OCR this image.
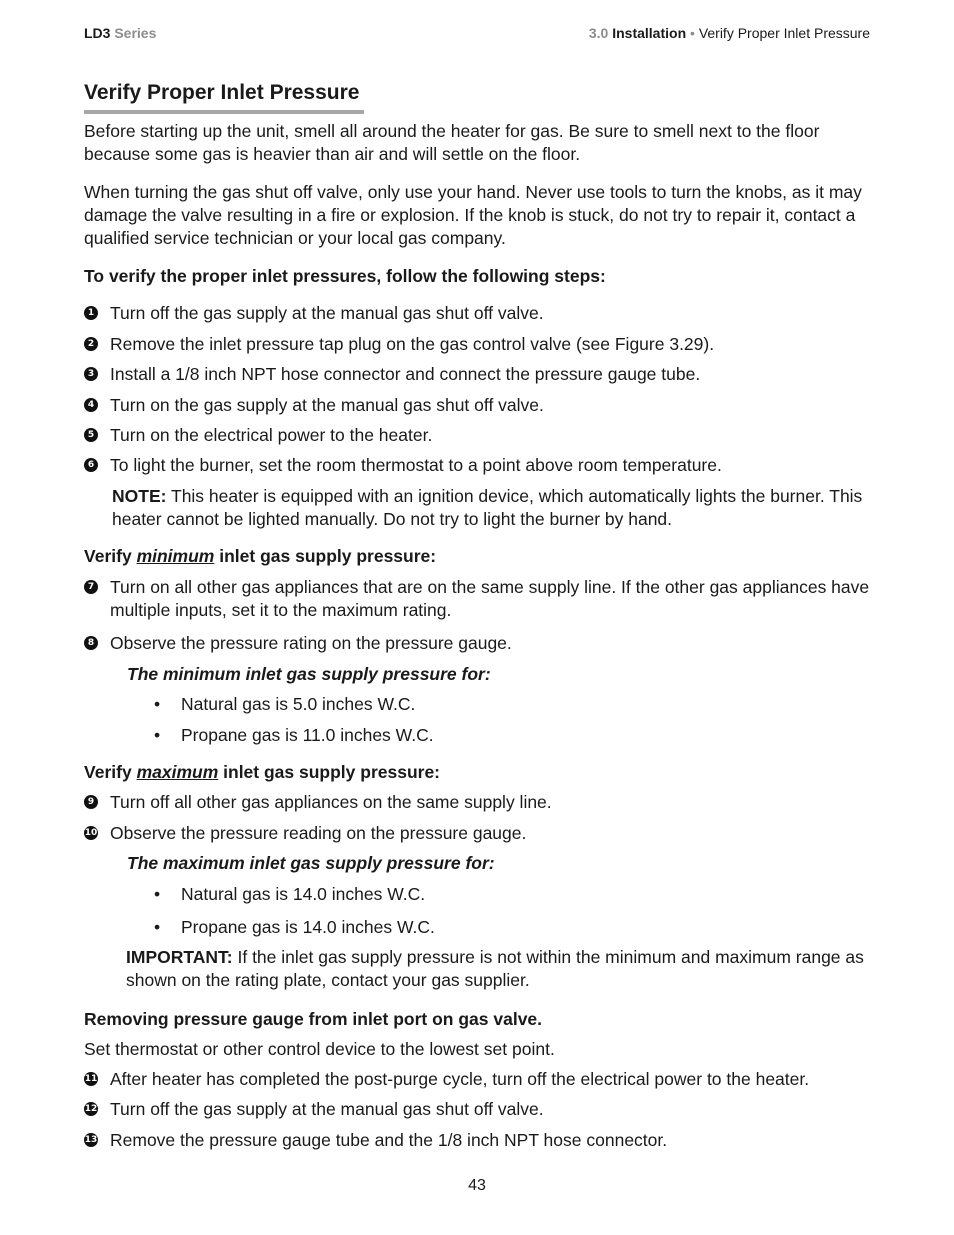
LD3 Series	3.0 Installation • Verify Proper Inlet Pressure
Verify Proper Inlet Pressure
Before starting up the unit, smell all around the heater for gas. Be sure to smell next to the floor because some gas is heavier than air and will settle on the floor.
When turning the gas shut off valve, only use your hand. Never use tools to turn the knobs, as it may damage the valve resulting in a fire or explosion. If the knob is stuck, do not try to repair it, contact a qualified service technician or your local gas company.
To verify the proper inlet pressures, follow the following steps:
1 Turn off the gas supply at the manual gas shut off valve.
2 Remove the inlet pressure tap plug on the gas control valve (see Figure 3.29).
3 Install a 1/8 inch NPT hose connector and connect the pressure gauge tube.
4 Turn on the gas supply at the manual gas shut off valve.
5 Turn on the electrical power to the heater.
6 To light the burner, set the room thermostat to a point above room temperature.
NOTE: This heater is equipped with an ignition device, which automatically lights the burner. This heater cannot be lighted manually. Do not try to light the burner by hand.
Verify minimum inlet gas supply pressure:
7 Turn on all other gas appliances that are on the same supply line. If the other gas appliances have multiple inputs, set it to the maximum rating.
8 Observe the pressure rating on the pressure gauge.
The minimum inlet gas supply pressure for:
• Natural gas is 5.0 inches W.C.
• Propane gas is 11.0 inches W.C.
Verify maximum inlet gas supply pressure:
9 Turn off all other gas appliances on the same supply line.
10 Observe the pressure reading on the pressure gauge.
The maximum inlet gas supply pressure for:
• Natural gas is 14.0 inches W.C.
• Propane gas is 14.0 inches W.C.
IMPORTANT: If the inlet gas supply pressure is not within the minimum and maximum range as shown on the rating plate, contact your gas supplier.
Removing pressure gauge from inlet port on gas valve.
Set thermostat or other control device to the lowest set point.
11 After heater has completed the post-purge cycle, turn off the electrical power to the heater.
12 Turn off the gas supply at the manual gas shut off valve.
13 Remove the pressure gauge tube and the 1/8 inch NPT hose connector.
43
